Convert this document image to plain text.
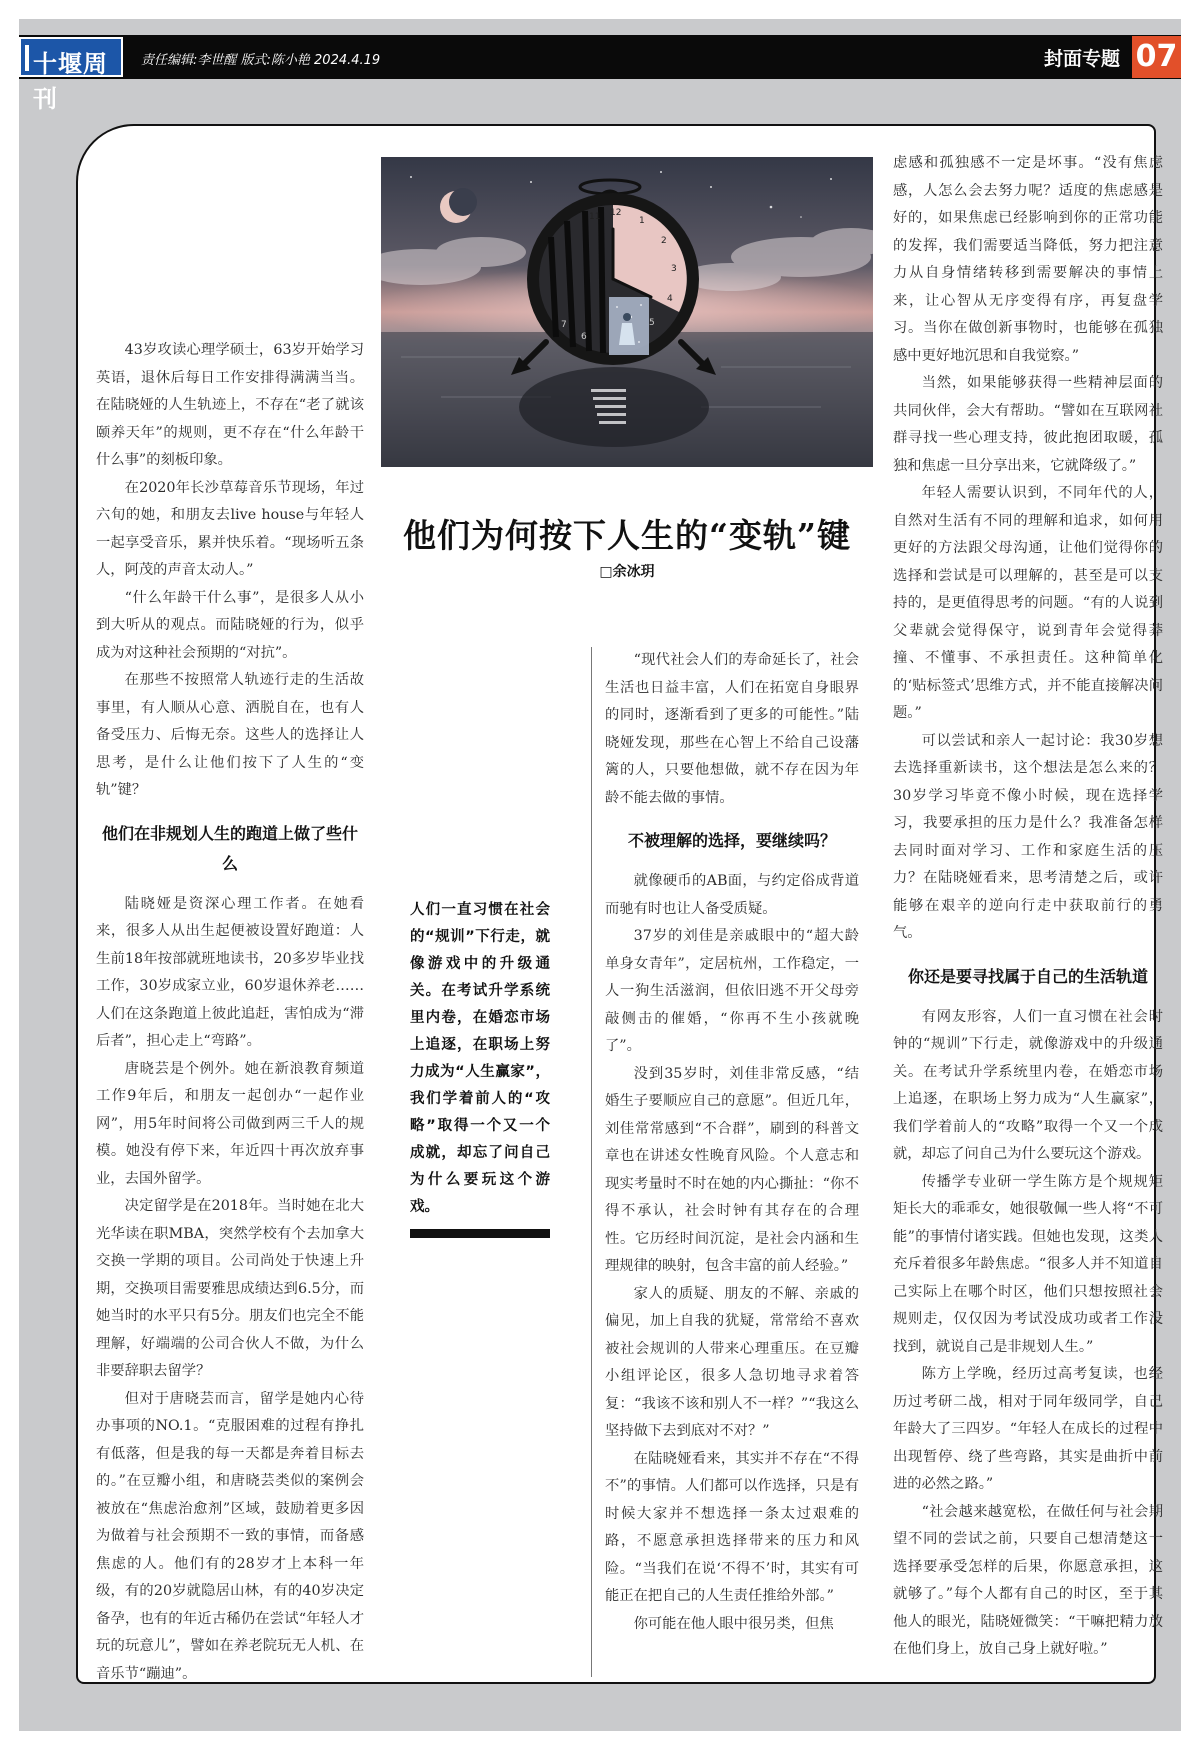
十堰周刊
责任编辑:李世醒 版式:陈小艳 2024.4.19	封面专题 07
11 12
1
2
3
4
5
6
7
他们为何按下人生的“变轨”键
□余冰玥

43岁攻读心理学硕士，63岁开始学习英语，退休后每日工作安排得满满当当。在陆晓娅的人生轨迹上，不存在“老了就该颐养天年”的规则，更不存在“什么年龄干什么事”的刻板印象。

在2020年长沙草莓音乐节现场，年过六旬的她，和朋友去live house与年轻人一起享受音乐，累并快乐着。“现场听五条人，阿茂的声音太动人。”

“什么年龄干什么事”，是很多人从小到大听从的观点。而陆晓娅的行为，似乎成为对这种社会预期的“对抗”。

在那些不按照常人轨迹行走的生活故事里，有人顺从心意、洒脱自在，也有人备受压力、后悔无奈。这些人的选择让人思考，是什么让他们按下了人生的“变轨”键？

他们在非规划人生的跑道上做了些什么

陆晓娅是资深心理工作者。在她看来，很多人从出生起便被设置好跑道：人生前18年按部就班地读书，20多岁毕业找工作，30岁成家立业，60岁退休养老……人们在这条跑道上彼此追赶，害怕成为“滞后者”，担心走上“弯路”。

唐晓芸是个例外。她在新浪教育频道工作9年后，和朋友一起创办“一起作业网”，用5年时间将公司做到两三千人的规模。她没有停下来，年近四十再次放弃事业，去国外留学。

决定留学是在2018年。当时她在北大光华读在职MBA，突然学校有个去加拿大交换一学期的项目。公司尚处于快速上升期，交换项目需要雅思成绩达到6.5分，而她当时的水平只有5分。朋友们也完全不能理解，好端端的公司合伙人不做，为什么非要辞职去留学？

但对于唐晓芸而言，留学是她内心待办事项的NO.1。“克服困难的过程有挣扎有低落，但是我的每一天都是奔着目标去的。”在豆瓣小组，和唐晓芸类似的案例会被放在“焦虑治愈剂”区域，鼓励着更多因为做着与社会预期不一致的事情，而备感焦虑的人。他们有的28岁才上本科一年级，有的20岁就隐居山林，有的40岁决定备孕，也有的年近古稀仍在尝试“年轻人才玩的玩意儿”，譬如在养老院玩无人机、在音乐节“蹦迪”。

人们一直习惯在社会的“规训”下行走，就像游戏中的升级通关。在考试升学系统里内卷，在婚恋市场上追逐，在职场上努力成为“人生赢家”，我们学着前人的“攻略”取得一个又一个成就，却忘了问自己为什么要玩这个游戏。

“现代社会人们的寿命延长了，社会生活也日益丰富，人们在拓宽自身眼界的同时，逐渐看到了更多的可能性。”陆晓娅发现，那些在心智上不给自己设藩篱的人，只要他想做，就不存在因为年龄不能去做的事情。

不被理解的选择，要继续吗？

就像硬币的AB面，与约定俗成背道而驰有时也让人备受质疑。

37岁的刘佳是亲戚眼中的“超大龄单身女青年”，定居杭州，工作稳定，一人一狗生活滋润，但依旧逃不开父母旁敲侧击的催婚，“你再不生小孩就晚了”。

没到35岁时，刘佳非常反感，“结婚生子要顺应自己的意愿”。但近几年，刘佳常常感到“不合群”，刷到的科普文章也在讲述女性晚育风险。个人意志和现实考量时不时在她的内心撕扯：“你不得不承认，社会时钟有其存在的合理性。它历经时间沉淀，是社会内涵和生理规律的映射，包含丰富的前人经验。”

家人的质疑、朋友的不解、亲戚的偏见，加上自我的犹疑，常常给不喜欢被社会规训的人带来心理重压。在豆瓣小组评论区，很多人急切地寻求着答复：“我该不该和别人不一样？”“我这么坚持做下去到底对不对？”

在陆晓娅看来，其实并不存在“不得不”的事情。人们都可以作选择，只是有时候大家并不想选择一条太过艰难的路，不愿意承担选择带来的压力和风险。“当我们在说‘不得不’时，其实有可能正在把自己的人生责任推给外部。”

你可能在他人眼中很另类，但焦

虑感和孤独感不一定是坏事。“没有焦虑感，人怎么会去努力呢？适度的焦虑感是好的，如果焦虑已经影响到你的正常功能的发挥，我们需要适当降低，努力把注意力从自身情绪转移到需要解决的事情上来，让心智从无序变得有序，再复盘学习。当你在做创新事物时，也能够在孤独感中更好地沉思和自我觉察。”

当然，如果能够获得一些精神层面的共同伙伴，会大有帮助。“譬如在互联网社群寻找一些心理支持，彼此抱团取暖，孤独和焦虑一旦分享出来，它就降级了。”

年轻人需要认识到，不同年代的人，自然对生活有不同的理解和追求，如何用更好的方法跟父母沟通，让他们觉得你的选择和尝试是可以理解的，甚至是可以支持的，是更值得思考的问题。“有的人说到父辈就会觉得保守，说到青年会觉得莽撞、不懂事、不承担责任。这种简单化的‘贴标签式’思维方式，并不能直接解决问题。”

可以尝试和亲人一起讨论：我30岁想去选择重新读书，这个想法是怎么来的？30岁学习毕竟不像小时候，现在选择学习，我要承担的压力是什么？我准备怎样去同时面对学习、工作和家庭生活的压力？在陆晓娅看来，思考清楚之后，或许能够在艰辛的逆向行走中获取前行的勇气。

你还是要寻找属于自己的生活轨道

有网友形容，人们一直习惯在社会时钟的“规训”下行走，就像游戏中的升级通关。在考试升学系统里内卷，在婚恋市场上追逐，在职场上努力成为“人生赢家”，我们学着前人的“攻略”取得一个又一个成就，却忘了问自己为什么要玩这个游戏。

传播学专业研一学生陈方是个规规矩矩长大的乖乖女，她很敬佩一些人将“不可能”的事情付诸实践。但她也发现，这类人充斥着很多年龄焦虑。“很多人并不知道自己实际上在哪个时区，他们只想按照社会规则走，仅仅因为考试没成功或者工作没找到，就说自己是非规划人生。”

陈方上学晚，经历过高考复读，也经历过考研二战，相对于同年级同学，自己年龄大了三四岁。“年轻人在成长的过程中出现暂停、绕了些弯路，其实是曲折中前进的必然之路。”

“社会越来越宽松，在做任何与社会期望不同的尝试之前，只要自己想清楚这一选择要承受怎样的后果，你愿意承担，这就够了。”每个人都有自己的时区，至于其他人的眼光，陆晓娅微笑：“干嘛把精力放在他们身上，放自己身上就好啦。”
